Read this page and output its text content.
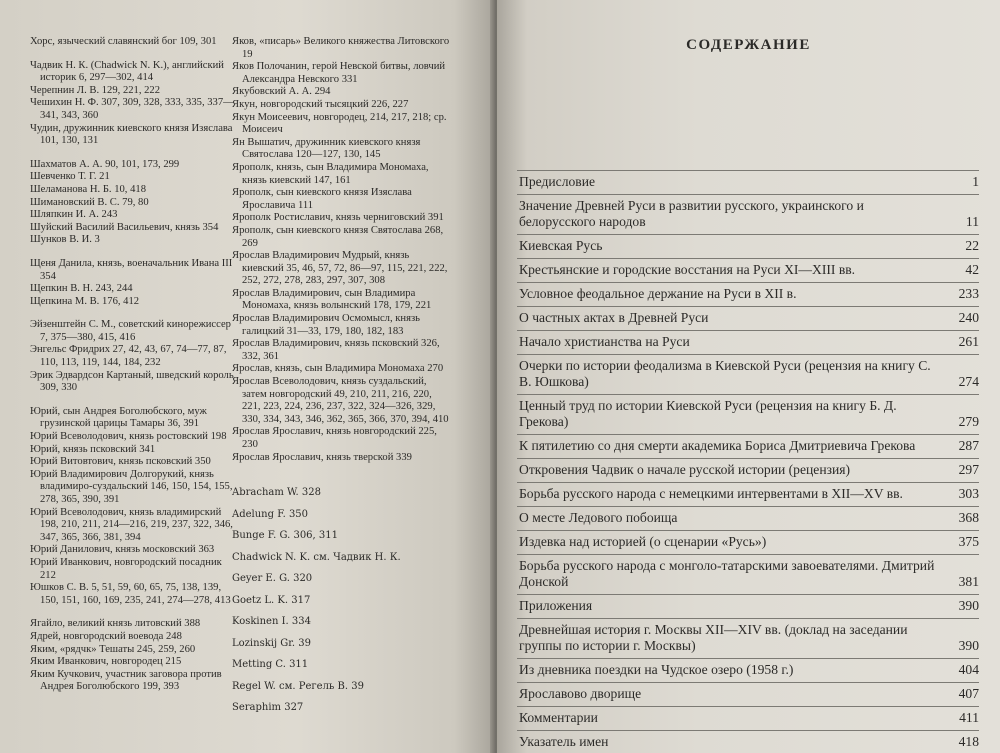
Хорс, языческий славянский бог 109, 301

Чадвик Н. К. (Chadwick N. K.), английский историк 6, 297—302, 414

Черепнин Л. В. 129, 221, 222

Чешихин Н. Ф. 307, 309, 328, 333, 335, 337—341, 343, 360

Чудин, дружинник киевского князя Изяслава 101, 130, 131

Шахматов А. А. 90, 101, 173, 299

Шевченко Т. Г. 21

Шеламанова Н. Б. 10, 418

Шимановский В. С. 79, 80

Шляпкин И. А. 243

Шуйский Василий Васильевич, князь 354

Шунков В. И. 3

Щеня Данила, князь, военачальник Ивана III 354

Щепкин В. Н. 243, 244

Щепкина М. В. 176, 412

Эйзенштейн С. М., советский кинорежиссер 7, 375—380, 415, 416

Энгельс Фридрих 27, 42, 43, 67, 74—77, 87, 110, 113, 119, 144, 184, 232

Эрик Эдвардсон Картаный, шведский король 309, 330

Юрий, сын Андрея Боголюбского, муж грузинской царицы Тамары 36, 391

Юрий Всеволодович, князь ростовский 198

Юрий, князь псковский 341

Юрий Витовтович, князь псковский 350

Юрий Владимирович Долгорукий, князь владимиро-суздальский 146, 150, 154, 155, 278, 365, 390, 391

Юрий Всеволодович, князь владимирский 198, 210, 211, 214—216, 219, 237, 322, 346, 347, 365, 366, 381, 394

Юрий Данилович, князь московский 363

Юрий Иванкович, новгородский посадник 212

Юшков С. В. 5, 51, 59, 60, 65, 75, 138, 139, 150, 151, 160, 169, 235, 241, 274—278, 413

Ягайло, великий князь литовский 388

Ядрей, новгородский воевода 248

Яким, «рядчк» Тешаты 245, 259, 260

Яким Иванкович, новгородец 215

Яким Кучкович, участник заговора против Андрея Боголюбского 199, 393

Яков, «писарь» Великого княжества Литовского 19

Яков Полочанин, герой Невской битвы, ловчий Александра Невского 331

Якубовский А. А. 294

Якун, новгородский тысяцкий 226, 227

Якун Моисеевич, новгородец, 214, 217, 218; ср. Моисеич

Ян Вышатич, дружинник киевского князя Святослава 120—127, 130, 145

Ярополк, князь, сын Владимира Мономаха, князь киевский 147, 161

Ярополк, сын киевского князя Изяслава Ярославича 111

Ярополк Ростиславич, князь черниговский 391

Ярополк, сын киевского князя Святослава 268, 269

Ярослав Владимирович Мудрый, князь киевский 35, 46, 57, 72, 86—97, 115, 221, 222, 252, 272, 278, 283, 297, 307, 308

Ярослав Владимирович, сын Владимира Мономаха, князь волынский 178, 179, 221

Ярослав Владимирович Осмомысл, князь галицкий 31—33, 179, 180, 182, 183

Ярослав Владимирович, князь псковский 326, 332, 361

Ярослав, князь, сын Владимира Мономаха 270

Ярослав Всеволодович, князь суздальский, затем новгородский 49, 210, 211, 216, 220, 221, 223, 224, 236, 237, 322, 324—326, 329, 330, 334, 343, 346, 362, 365, 366, 370, 394, 410

Ярослав Ярославич, князь новгородский 225, 230

Ярослав Ярославич, князь тверской 339

Abracham W. 328

Adelung F. 350

Bunge F. G. 306, 311

Chadwick N. K. см. Чадвик Н. К.

Geyer E. G. 320

Goetz L. K. 317

Koskinen I. 334

Lozinskij Gr. 39

Metting C. 311

Regel W. см. Регель В. 39

Seraphim 327

СОДЕРЖАНИЕ
Предисловие	1
Значение Древней Руси в развитии русского, украинского и белорусского народов	11
Киевская Русь	22
Крестьянские и городские восстания на Руси XI—XIII вв.	42
Условное феодальное держание на Руси в XII в.	233
О частных актах в Древней Руси	240
Начало христианства на Руси	261
Очерки по истории феодализма в Киевской Руси (рецензия на книгу С. В. Юшкова)	274
Ценный труд по истории Киевской Руси (рецензия на книгу Б. Д. Грекова)	279
К пятилетию со дня смерти академика Бориса Дмитриевича Грекова	287
Откровения Чадвик о начале русской истории (рецензия)	297
Борьба русского народа с немецкими интервентами в XII—XV вв.	303
О месте Ледового побоища	368
Издевка над историей (о сценарии «Русь»)	375
Борьба русского народа с монголо-татарскими завоевателями. Дмитрий Донской	381
Приложения	390
Древнейшая история г. Москвы XII—XIV вв. (доклад на заседании группы по истории г. Москвы)	390
Из дневника поездки на Чудское озеро (1958 г.)	404
Ярославово дворище	407
Комментарии	411
Указатель имен	418
